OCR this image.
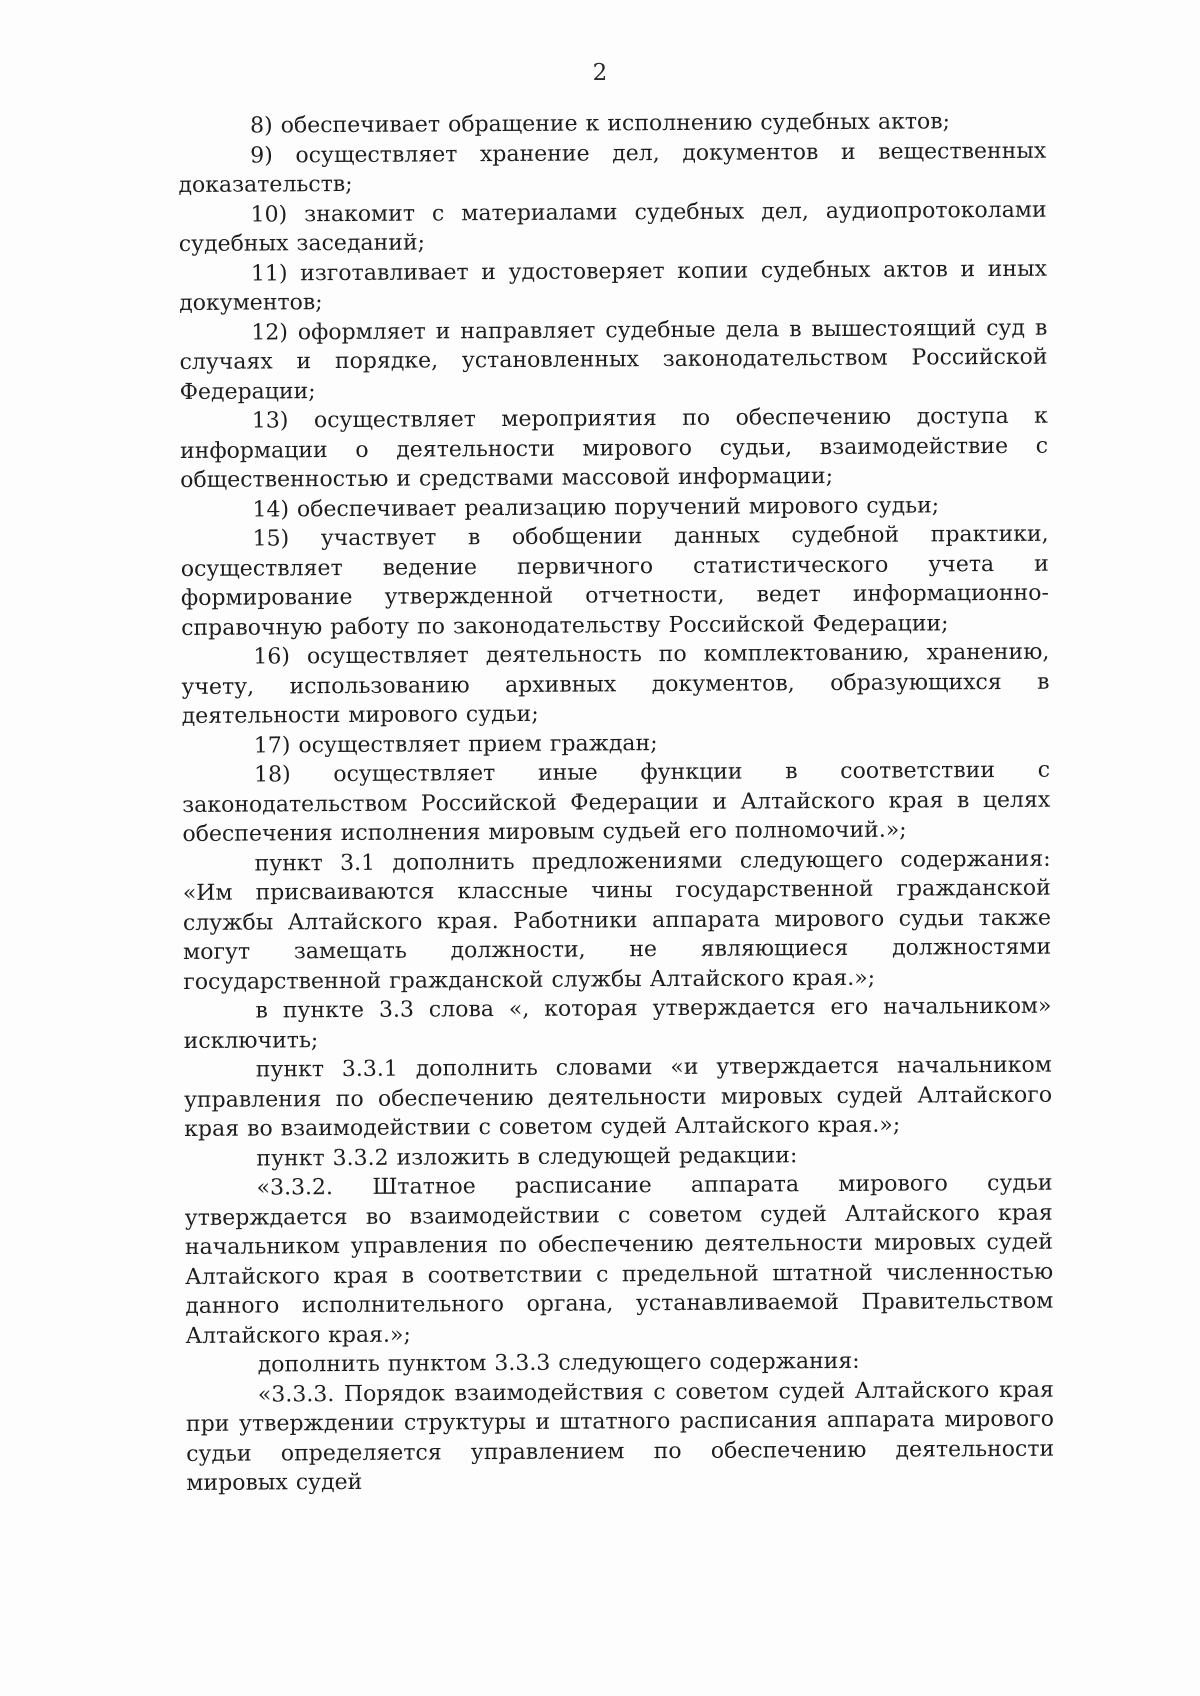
2

8) обеспечивает обращение к исполнению судебных актов;

9) осуществляет хранение дел, документов и вещественных доказательств;

10) знакомит с материалами судебных дел, аудиопротоколами судебных заседаний;

11) изготавливает и удостоверяет копии судебных актов и иных документов;

12) оформляет и направляет судебные дела в вышестоящий суд в случаях и порядке, установленных законодательством Российской Федерации;

13) осуществляет мероприятия по обеспечению доступа к информации о деятельности мирового судьи, взаимодействие с общественностью и средствами массовой информации;

14) обеспечивает реализацию поручений мирового судьи;

15) участвует в обобщении данных судебной практики, осуществляет ведение первичного статистического учета и формирование утвержденной отчетности, ведет информационно-справочную работу по законодательству Российской Федерации;

16) осуществляет деятельность по комплектованию, хранению, учету, использованию архивных документов, образующихся в деятельности мирового судьи;

17) осуществляет прием граждан;

18) осуществляет иные функции в соответствии с законодательством Российской Федерации и Алтайского края в целях обеспечения исполнения мировым судьей его полномочий.»;

пункт 3.1 дополнить предложениями следующего содержания: «Им присваиваются классные чины государственной гражданской службы Алтайского края. Работники аппарата мирового судьи также могут замещать должности, не являющиеся должностями государственной гражданской службы Алтайского края.»;

в пункте 3.3 слова «, которая утверждается его начальником» исключить;

пункт 3.3.1 дополнить словами «и утверждается начальником управления по обеспечению деятельности мировых судей Алтайского края во взаимодействии с советом судей Алтайского края.»;

пункт 3.3.2 изложить в следующей редакции:

«3.3.2. Штатное расписание аппарата мирового судьи утверждается во взаимодействии с советом судей Алтайского края начальником управления по обеспечению деятельности мировых судей Алтайского края в соответствии с предельной штатной численностью данного исполнительного органа, устанавливаемой Правительством Алтайского края.»;

дополнить пунктом 3.3.3 следующего содержания:

«3.3.3. Порядок взаимодействия с советом судей Алтайского края при утверждении структуры и штатного расписания аппарата мирового судьи определяется управлением по обеспечению деятельности мировых судей
